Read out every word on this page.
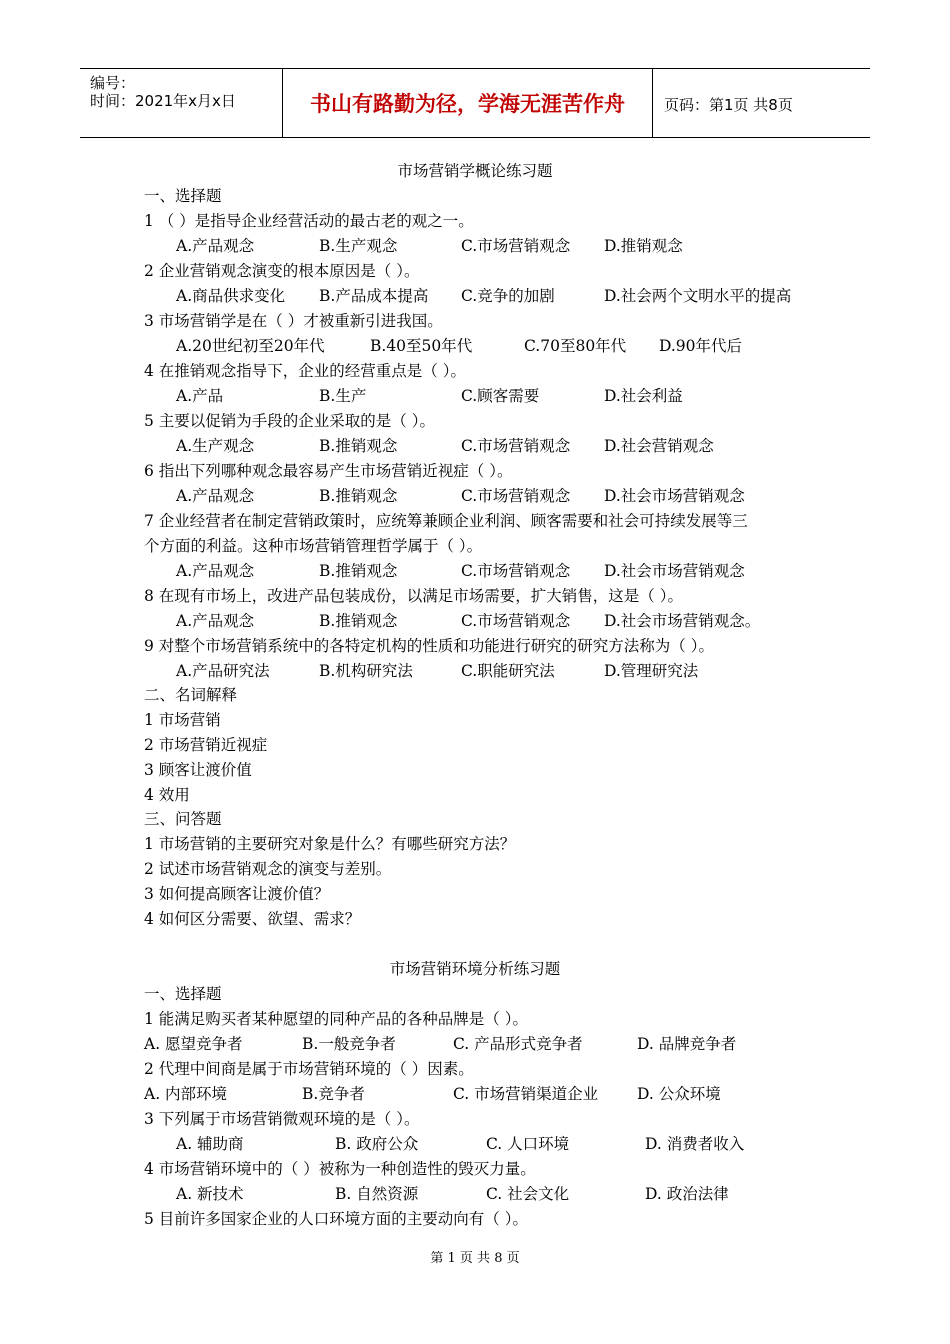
编号：
时间：2021年x月x日	书山有路勤为径，学海无涯苦作舟	页码：第1页 共8页
市场营销学概论练习题
一、选择题
1 （ ）是指导企业经营活动的最古老的观之一。
A.产品观念	B.生产观念	C.市场营销观念 D.推销观念
2 企业营销观念演变的根本原因是（ ）。
A.商品供求变化 B.产品成本提高 C.竞争的加剧	D.社会两个文明水平的提高
3 市场营销学是在（ ）才被重新引进我国。
A.20世纪初至20年代	B.40至50年代	C.70至80年代 D.90年代后
4 在推销观念指导下，企业的经营重点是（ ）。
A.产品	B.生产	C.顾客需要	D.社会利益
5 主要以促销为手段的企业采取的是（ ）。
A.生产观念	B.推销观念	C.市场营销观念 D.社会营销观念
6 指出下列哪种观念最容易产生市场营销近视症（ ）。
A.产品观念	B.推销观念	C.市场营销观念 D.社会市场营销观念
7 企业经营者在制定营销政策时，应统筹兼顾企业利润、顾客需要和社会可持续发展等三
个方面的利益。这种市场营销管理哲学属于（ ）。
A.产品观念	B.推销观念	C.市场营销观念 D.社会市场营销观念
8 在现有市场上，改进产品包装成份，以满足市场需要，扩大销售，这是（ ）。
A.产品观念	B.推销观念	C.市场营销观念 D.社会市场营销观念。
9 对整个市场营销系统中的各特定机构的性质和功能进行研究的研究方法称为（ ）。
A.产品研究法	B.机构研究法	C.职能研究法	D.管理研究法
二、名词解释
1 市场营销
2 市场营销近视症
3 顾客让渡价值
4 效用
三、问答题
1 市场营销的主要研究对象是什么？有哪些研究方法？
2 试述市场营销观念的演变与差别。
3 如何提高顾客让渡价值？
4 如何区分需要、欲望、需求？
市场营销环境分析练习题
一、选择题
1 能满足购买者某种愿望的同种产品的各种品牌是（ ）。
A. 愿望竞争者	B.一般竞争者	C. 产品形式竞争者	D. 品牌竞争者
2 代理中间商是属于市场营销环境的（ ）因素。
A. 内部环境	B.竞争者	C. 市场营销渠道企业	D. 公众环境
3 下列属于市场营销微观环境的是（ ）。
A. 辅助商	B. 政府公众	C. 人口环境	D. 消费者收入
4 市场营销环境中的（ ）被称为一种创造性的毁灭力量。
A. 新技术	B. 自然资源	C. 社会文化	D. 政治法律
5 目前许多国家企业的人口环境方面的主要动向有（ ）。
第 1 页 共 8 页
